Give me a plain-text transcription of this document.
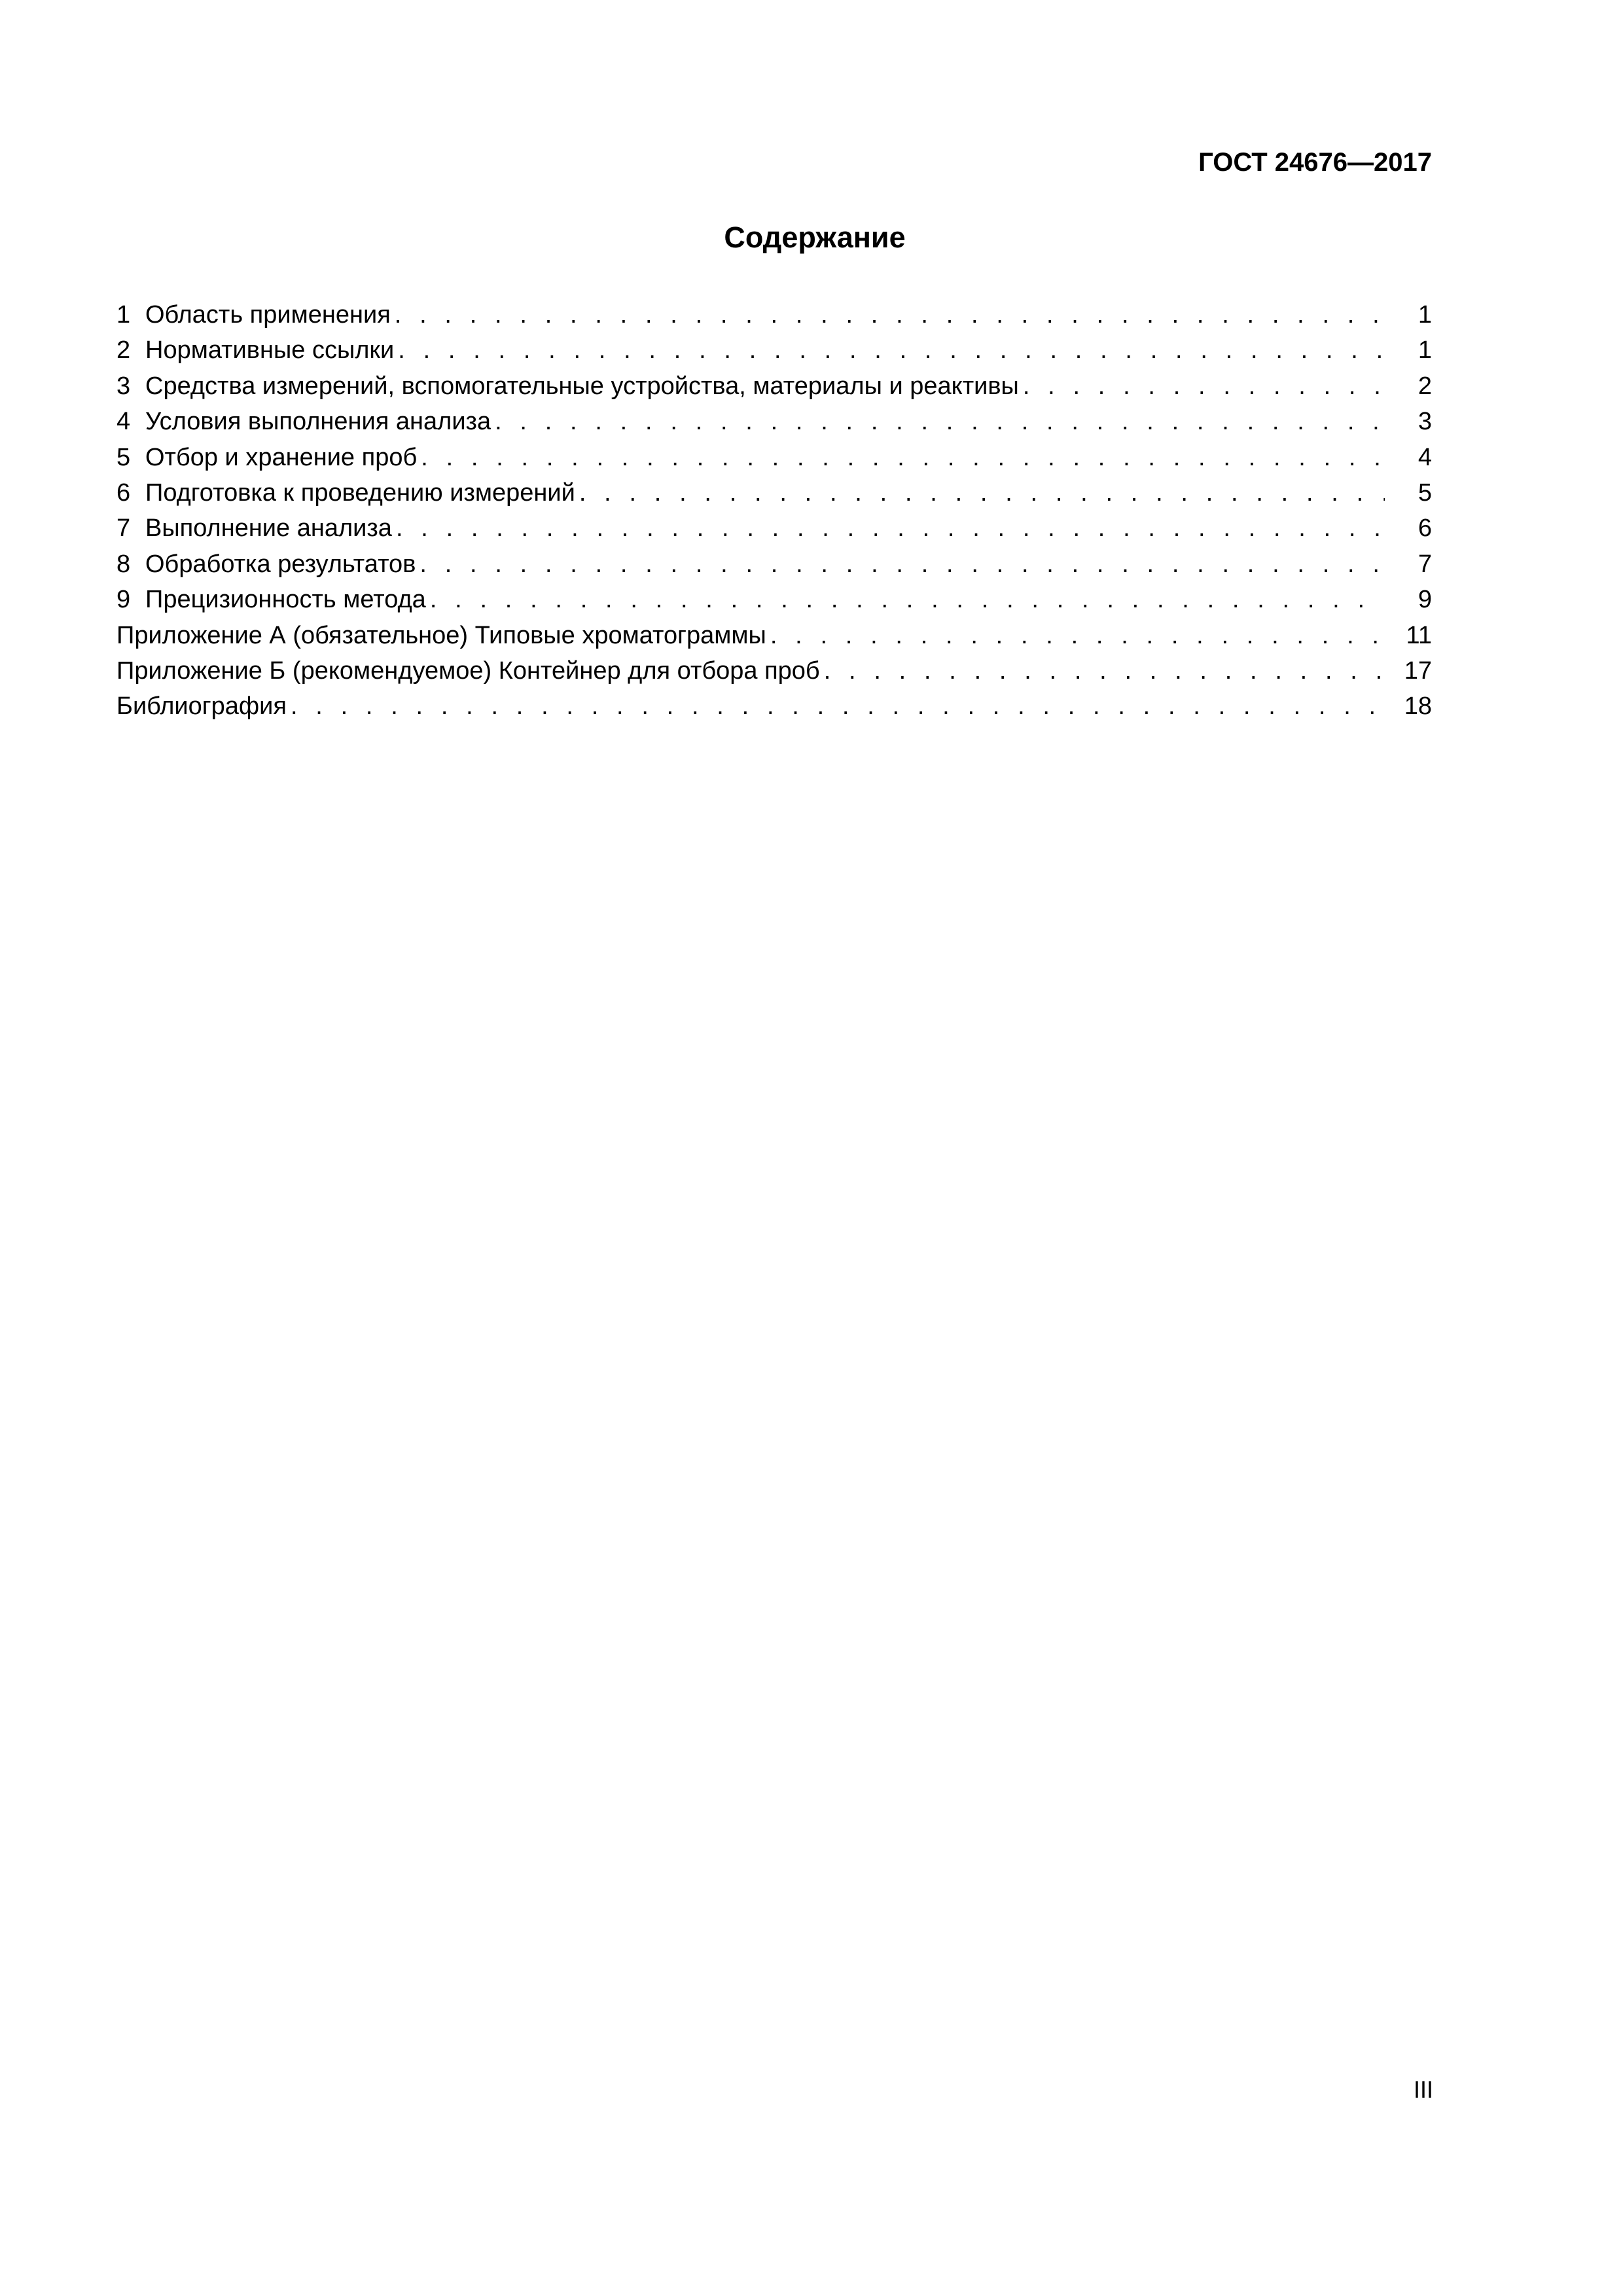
ГОСТ 24676—2017

Содержание
1 Область применения . . .	1
2 Нормативные ссылки . . .	1
3 Средства измерений, вспомогательные устройства, материалы и реактивы . . .	2
4 Условия выполнения анализа . . .	3
5 Отбор и хранение проб . . .	4
6 Подготовка к проведению измерений . . .	5
7 Выполнение анализа . . .	6
8 Обработка результатов . . .	7
9 Прецизионность метода . . .	9
Приложение А (обязательное) Типовые хроматограммы . . .	11
Приложение Б (рекомендуемое) Контейнер для отбора проб . . .	17
Библиография . . .	18

III
